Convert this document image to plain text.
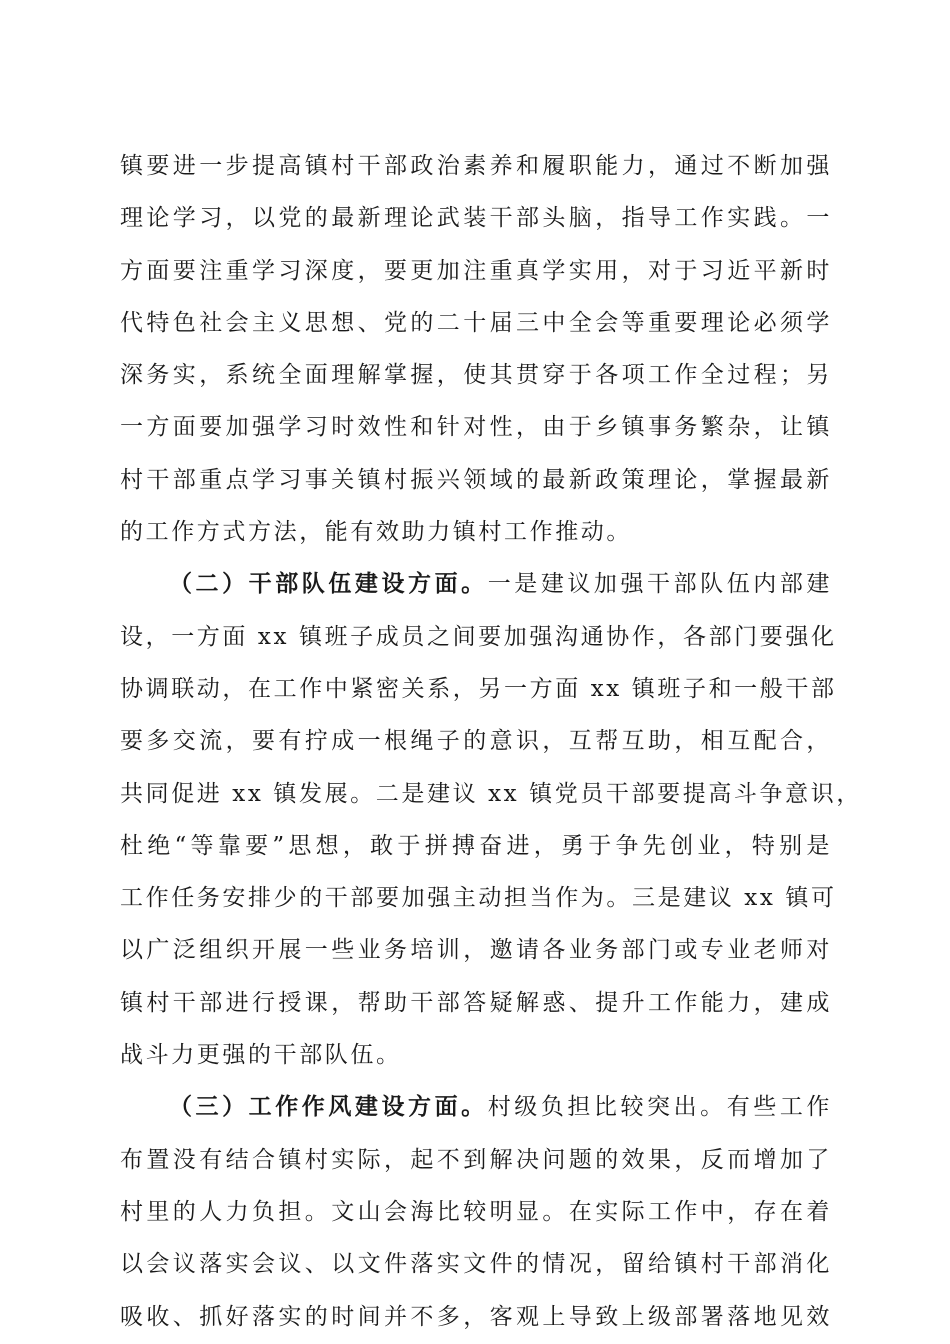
镇要进一步提高镇村干部政治素养和履职能力，通过不断加强
理论学习，以党的最新理论武装干部头脑，指导工作实践。一
方面要注重学习深度，要更加注重真学实用，对于习近平新时
代特色社会主义思想、党的二十届三中全会等重要理论必须学
深务实，系统全面理解掌握，使其贯穿于各项工作全过程；另
一方面要加强学习时效性和针对性，由于乡镇事务繁杂，让镇
村干部重点学习事关镇村振兴领域的最新政策理论，掌握最新
的工作方式方法，能有效助力镇村工作推动。
（二）干部队伍建设方面。一是建议加强干部队伍内部建
设，一方面 xx 镇班子成员之间要加强沟通协作，各部门要强化
协调联动，在工作中紧密关系，另一方面 xx 镇班子和一般干部
要多交流，要有拧成一根绳子的意识，互帮互助，相互配合，
共同促进 xx 镇发展。二是建议 xx 镇党员干部要提高斗争意识，
杜绝“等靠要”思想，敢于拼搏奋进，勇于争先创业，特别是
工作任务安排少的干部要加强主动担当作为。三是建议 xx 镇可
以广泛组织开展一些业务培训，邀请各业务部门或专业老师对
镇村干部进行授课，帮助干部答疑解惑、提升工作能力，建成
战斗力更强的干部队伍。
（三）工作作风建设方面。村级负担比较突出。有些工作
布置没有结合镇村实际，起不到解决问题的效果，反而增加了
村里的人力负担。文山会海比较明显。在实际工作中，存在着
以会议落实会议、以文件落实文件的情况，留给镇村干部消化
吸收、抓好落实的时间并不多，客观上导致上级部署落地见效
